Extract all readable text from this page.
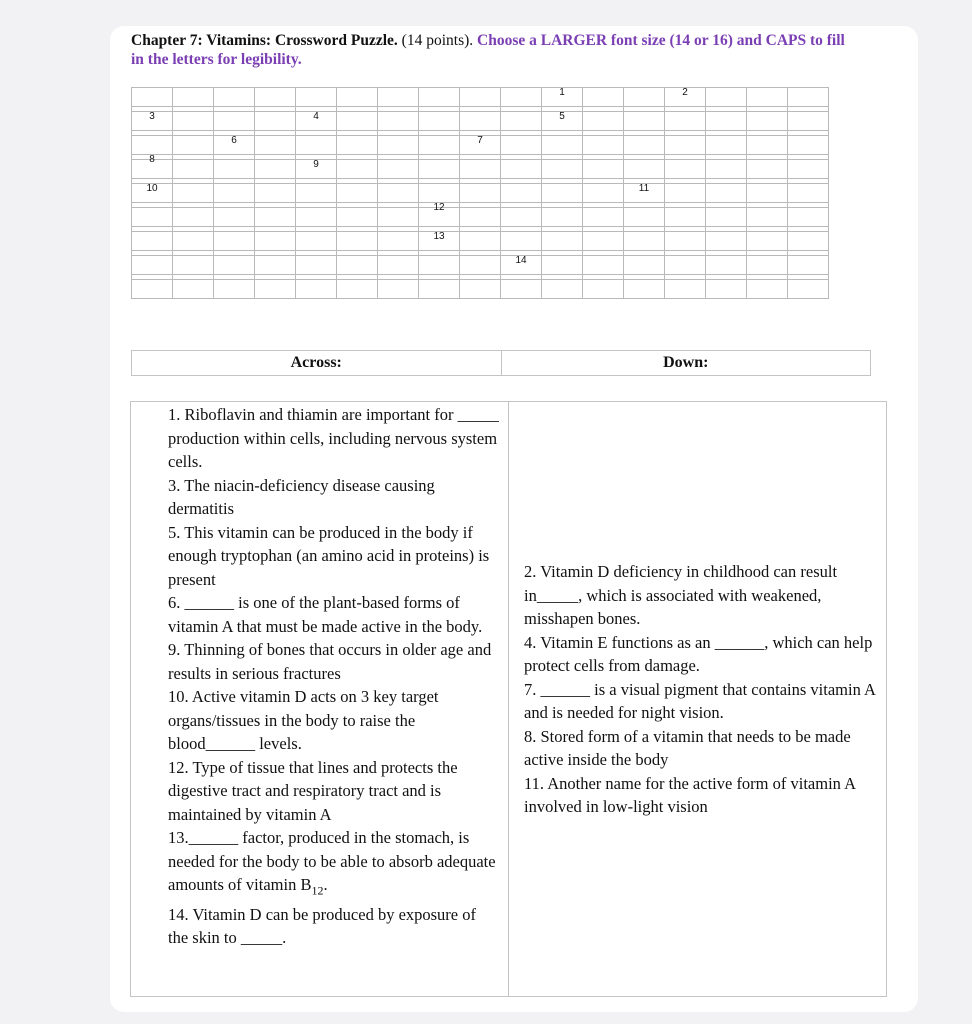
Chapter 7: Vitamins: Crossword Puzzle. (14 points). Choose a LARGER font size (14 or 16) and CAPS to fill in the letters for legibility.

										1			2			

3				4						5						

		6						7								

8																

				9												

10												11				

							12									

							13									

									14							

Across:	Down:
1. Riboflavin and thiamin are important for _____ production within cells, including nervous system cells.
3. The niacin-deficiency disease causing dermatitis
5. This vitamin can be produced in the body if enough tryptophan (an amino acid in proteins) is present
6. ______ is one of the plant-based forms of vitamin A that must be made active in the body.
9. Thinning of bones that occurs in older age and results in serious fractures
10. Active vitamin D acts on 3 key target organs/tissues in the body to raise the blood______ levels.
12. Type of tissue that lines and protects the digestive tract and respiratory tract and is maintained by vitamin A
13.______ factor, produced in the stomach, is needed for the body to be able to absorb adequate amounts of vitamin $B_{12}$.
14. Vitamin D can be produced by exposure of the skin to _____.
2. Vitamin D deficiency in childhood can result in_____, which is associated with weakened, misshapen bones.
4. Vitamin E functions as an ______, which can help protect cells from damage.
7. ______ is a visual pigment that contains vitamin A and is needed for night vision.
8. Stored form of a vitamin that needs to be made active inside the body
11. Another name for the active form of vitamin A involved in low-light vision
